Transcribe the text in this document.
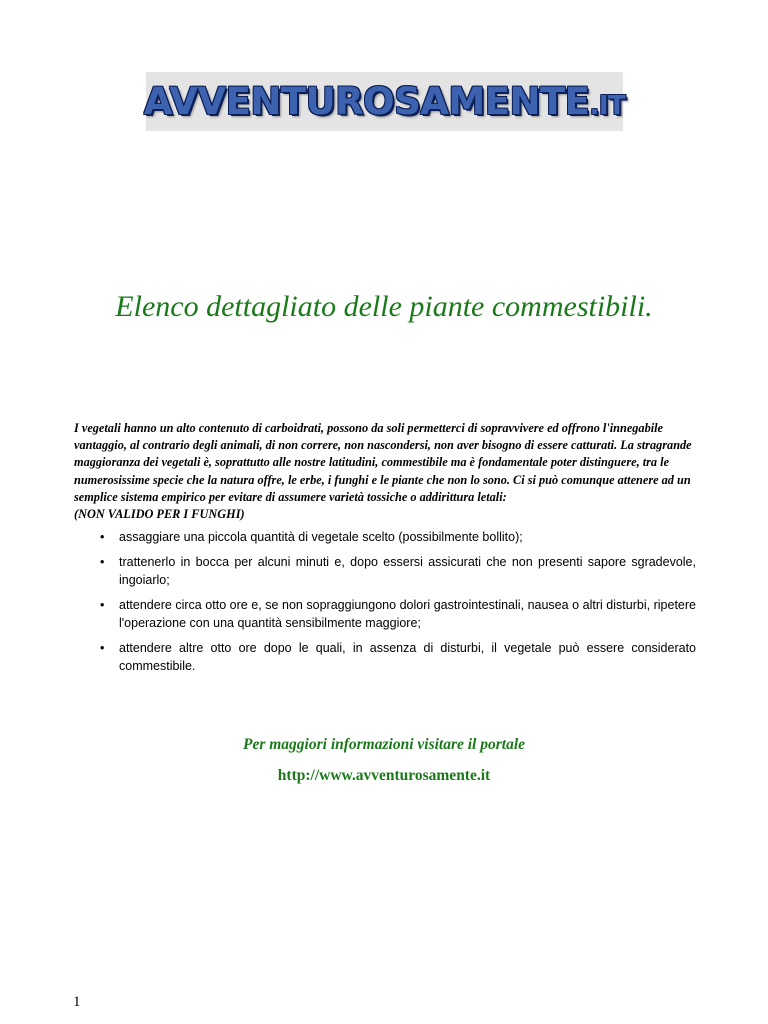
AVVENTUROSAMENTE.IT
Elenco dettagliato delle piante commestibili.

I vegetali hanno un alto contenuto di carboidrati, possono da soli permetterci di sopravvivere ed offrono l'innegabile vantaggio, al contrario degli animali, di non correre, non nascondersi, non aver bisogno di essere catturati. La stragrande maggioranza dei vegetali è, soprattutto alle nostre latitudini, commestibile ma è fondamentale poter distinguere, tra le numerosissime specie che la natura offre, le erbe, i funghi e le piante che non lo sono. Ci si può comunque attenere ad un semplice sistema empirico per evitare di assumere varietà tossiche o addirittura letali:
(NON VALIDO PER I FUNGHI)

• assaggiare una piccola quantità di vegetale scelto (possibilmente bollito);
• trattenerlo in bocca per alcuni minuti e, dopo essersi assicurati che non presenti sapore sgradevole, ingoiarlo;
• attendere circa otto ore e, se non sopraggiungono dolori gastrointestinali, nausea o altri disturbi, ripetere l'operazione con una quantità sensibilmente maggiore;
• attendere altre otto ore dopo le quali, in assenza di disturbi, il vegetale può essere considerato commestibile.

Per maggiori informazioni visitare il portale

http://www.avventurosamente.it

1
